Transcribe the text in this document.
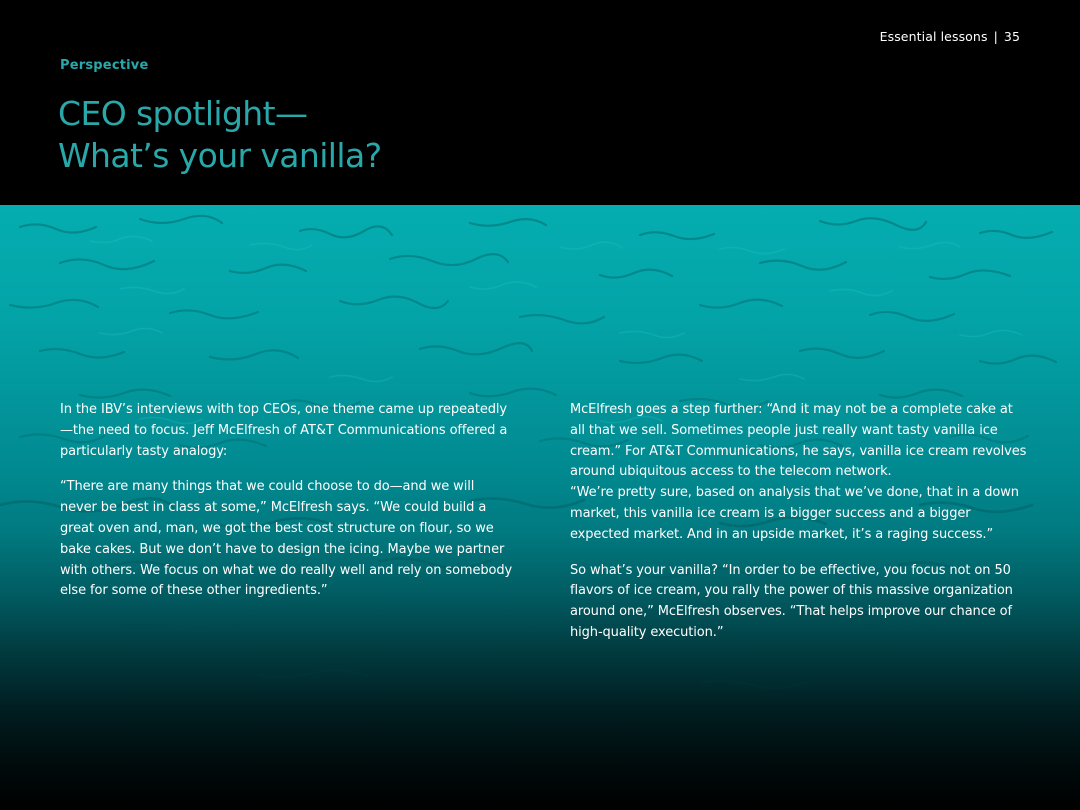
Essential lessons | 35
Perspective
CEO spotlight—
What’s your vanilla?

In the IBV’s interviews with top CEOs, one theme came up repeatedly—the need to focus. Jeff McElfresh of AT&T Communications offered a particularly tasty analogy:

“There are many things that we could choose to do—and we will never be best in class at some,” McElfresh says. “We could build a great oven and, man, we got the best cost structure on flour, so we bake cakes. But we don’t have to design the icing. Maybe we partner with others. We focus on what we do really well and rely on somebody else for some of these other ingredients.”

McElfresh goes a step further: “And it may not be a complete cake at all that we sell. Sometimes people just really want tasty vanilla ice cream.” For AT&T Communications, he says, vanilla ice cream revolves around ubiquitous access to the telecom network.

“We’re pretty sure, based on analysis that we’ve done, that in a down market, this vanilla ice cream is a bigger success and a bigger expected market. And in an upside market, it’s a raging success.”

So what’s your vanilla? “In order to be effective, you focus not on 50 flavors of ice cream, you rally the power of this massive organization around one,” McElfresh observes. “That helps improve our chance of high-quality execution.”
